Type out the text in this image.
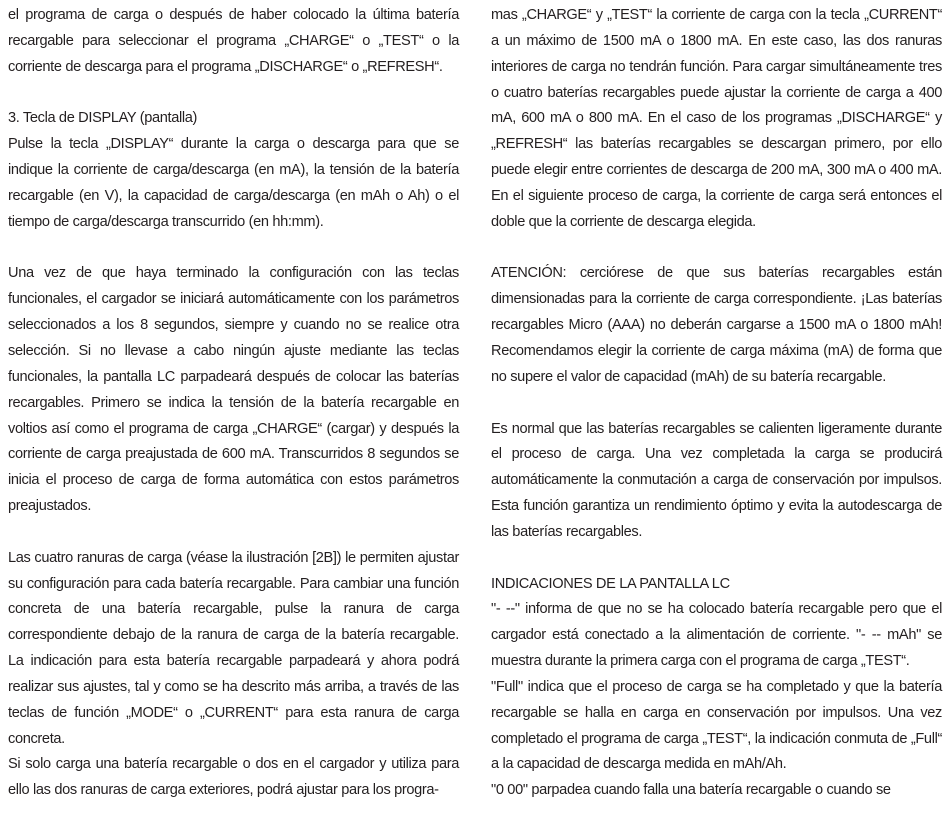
el programa de carga o después de haber colocado la última batería recargable para seleccionar el programa „CHARGE“ o „TEST“ o la corriente de descarga para el programa „DISCHARGE“ o „REFRESH“.

3. Tecla de DISPLAY (pantalla)

Pulse la tecla „DISPLAY“ durante la carga o descarga para que se indique la corriente de carga/descarga (en mA), la tensión de la batería recargable (en V), la capacidad de carga/descarga (en mAh o Ah) o el tiempo de carga/descarga transcurrido (en hh:mm).

Una vez de que haya terminado la configuración con las teclas funcionales, el cargador se iniciará automáticamente con los parámetros seleccionados a los 8 segundos, siempre y cuando no se realice otra selección. Si no llevase a cabo ningún ajuste mediante las teclas funcionales, la pantalla LC parpadeará después de colocar las baterías recargables. Primero se indica la tensión de la batería recargable en voltios así como el programa de carga „CHARGE“ (cargar) y después la corriente de carga preajustada de 600 mA. Transcurridos 8 segundos se inicia el proceso de carga de forma automática con estos parámetros preajustados.

Las cuatro ranuras de carga (véase la ilustración [2B]) le permiten ajustar su configuración para cada batería recargable. Para cambiar una función concreta de una batería recargable, pulse la ranura de carga correspondiente debajo de la ranura de carga de la batería recargable. La indicación para esta batería recargable parpadeará y ahora podrá realizar sus ajustes, tal y como se ha descrito más arriba, a través de las teclas de función „MODE“ o „CURRENT“ para esta ranura de carga concreta.

Si solo carga una batería recargable o dos en el cargador y utiliza para ello las dos ranuras de carga exteriores, podrá ajustar para los progra-

mas „CHARGE“ y „TEST“ la corriente de carga con la tecla „CURRENT“ a un máximo de 1500 mA o 1800 mA. En este caso, las dos ranuras interiores de carga no tendrán función. Para cargar simultáneamente tres o cuatro baterías recargables puede ajustar la corriente de carga a 400 mA, 600 mA o 800 mA. En el caso de los programas „DISCHARGE“ y „REFRESH“ las baterías recargables se descargan primero, por ello puede elegir entre corrientes de descarga de 200 mA, 300 mA o 400 mA. En el siguiente proceso de carga, la corriente de carga será entonces el doble que la corriente de descarga elegida.

ATENCIÓN: cerciórese de que sus baterías recargables están dimensionadas para la corriente de carga correspondiente. ¡Las baterías recargables Micro (AAA) no deberán cargarse a 1500 mA o 1800 mAh! Recomendamos elegir la corriente de carga máxima (mA) de forma que no supere el valor de capacidad (mAh) de su batería recargable.

Es normal que las baterías recargables se calienten ligeramente durante el proceso de carga. Una vez completada la carga se producirá automáticamente la conmutación a carga de conservación por impulsos. Esta función garantiza un rendimiento óptimo y evita la autodescarga de las baterías recargables.

INDICACIONES DE LA PANTALLA LC

"- --" informa de que no se ha colocado batería recargable pero que el cargador está conectado a la alimentación de corriente. "- -- mAh" se muestra durante la primera carga con el programa de carga „TEST“.

"Full" indica que el proceso de carga se ha completado y que la batería recargable se halla en carga en conservación por impulsos. Una vez completado el programa de carga „TEST“, la indicación conmuta de „Full“ a la capacidad de descarga medida en mAh/Ah.

"0 00" parpadea cuando falla una batería recargable o cuando se
